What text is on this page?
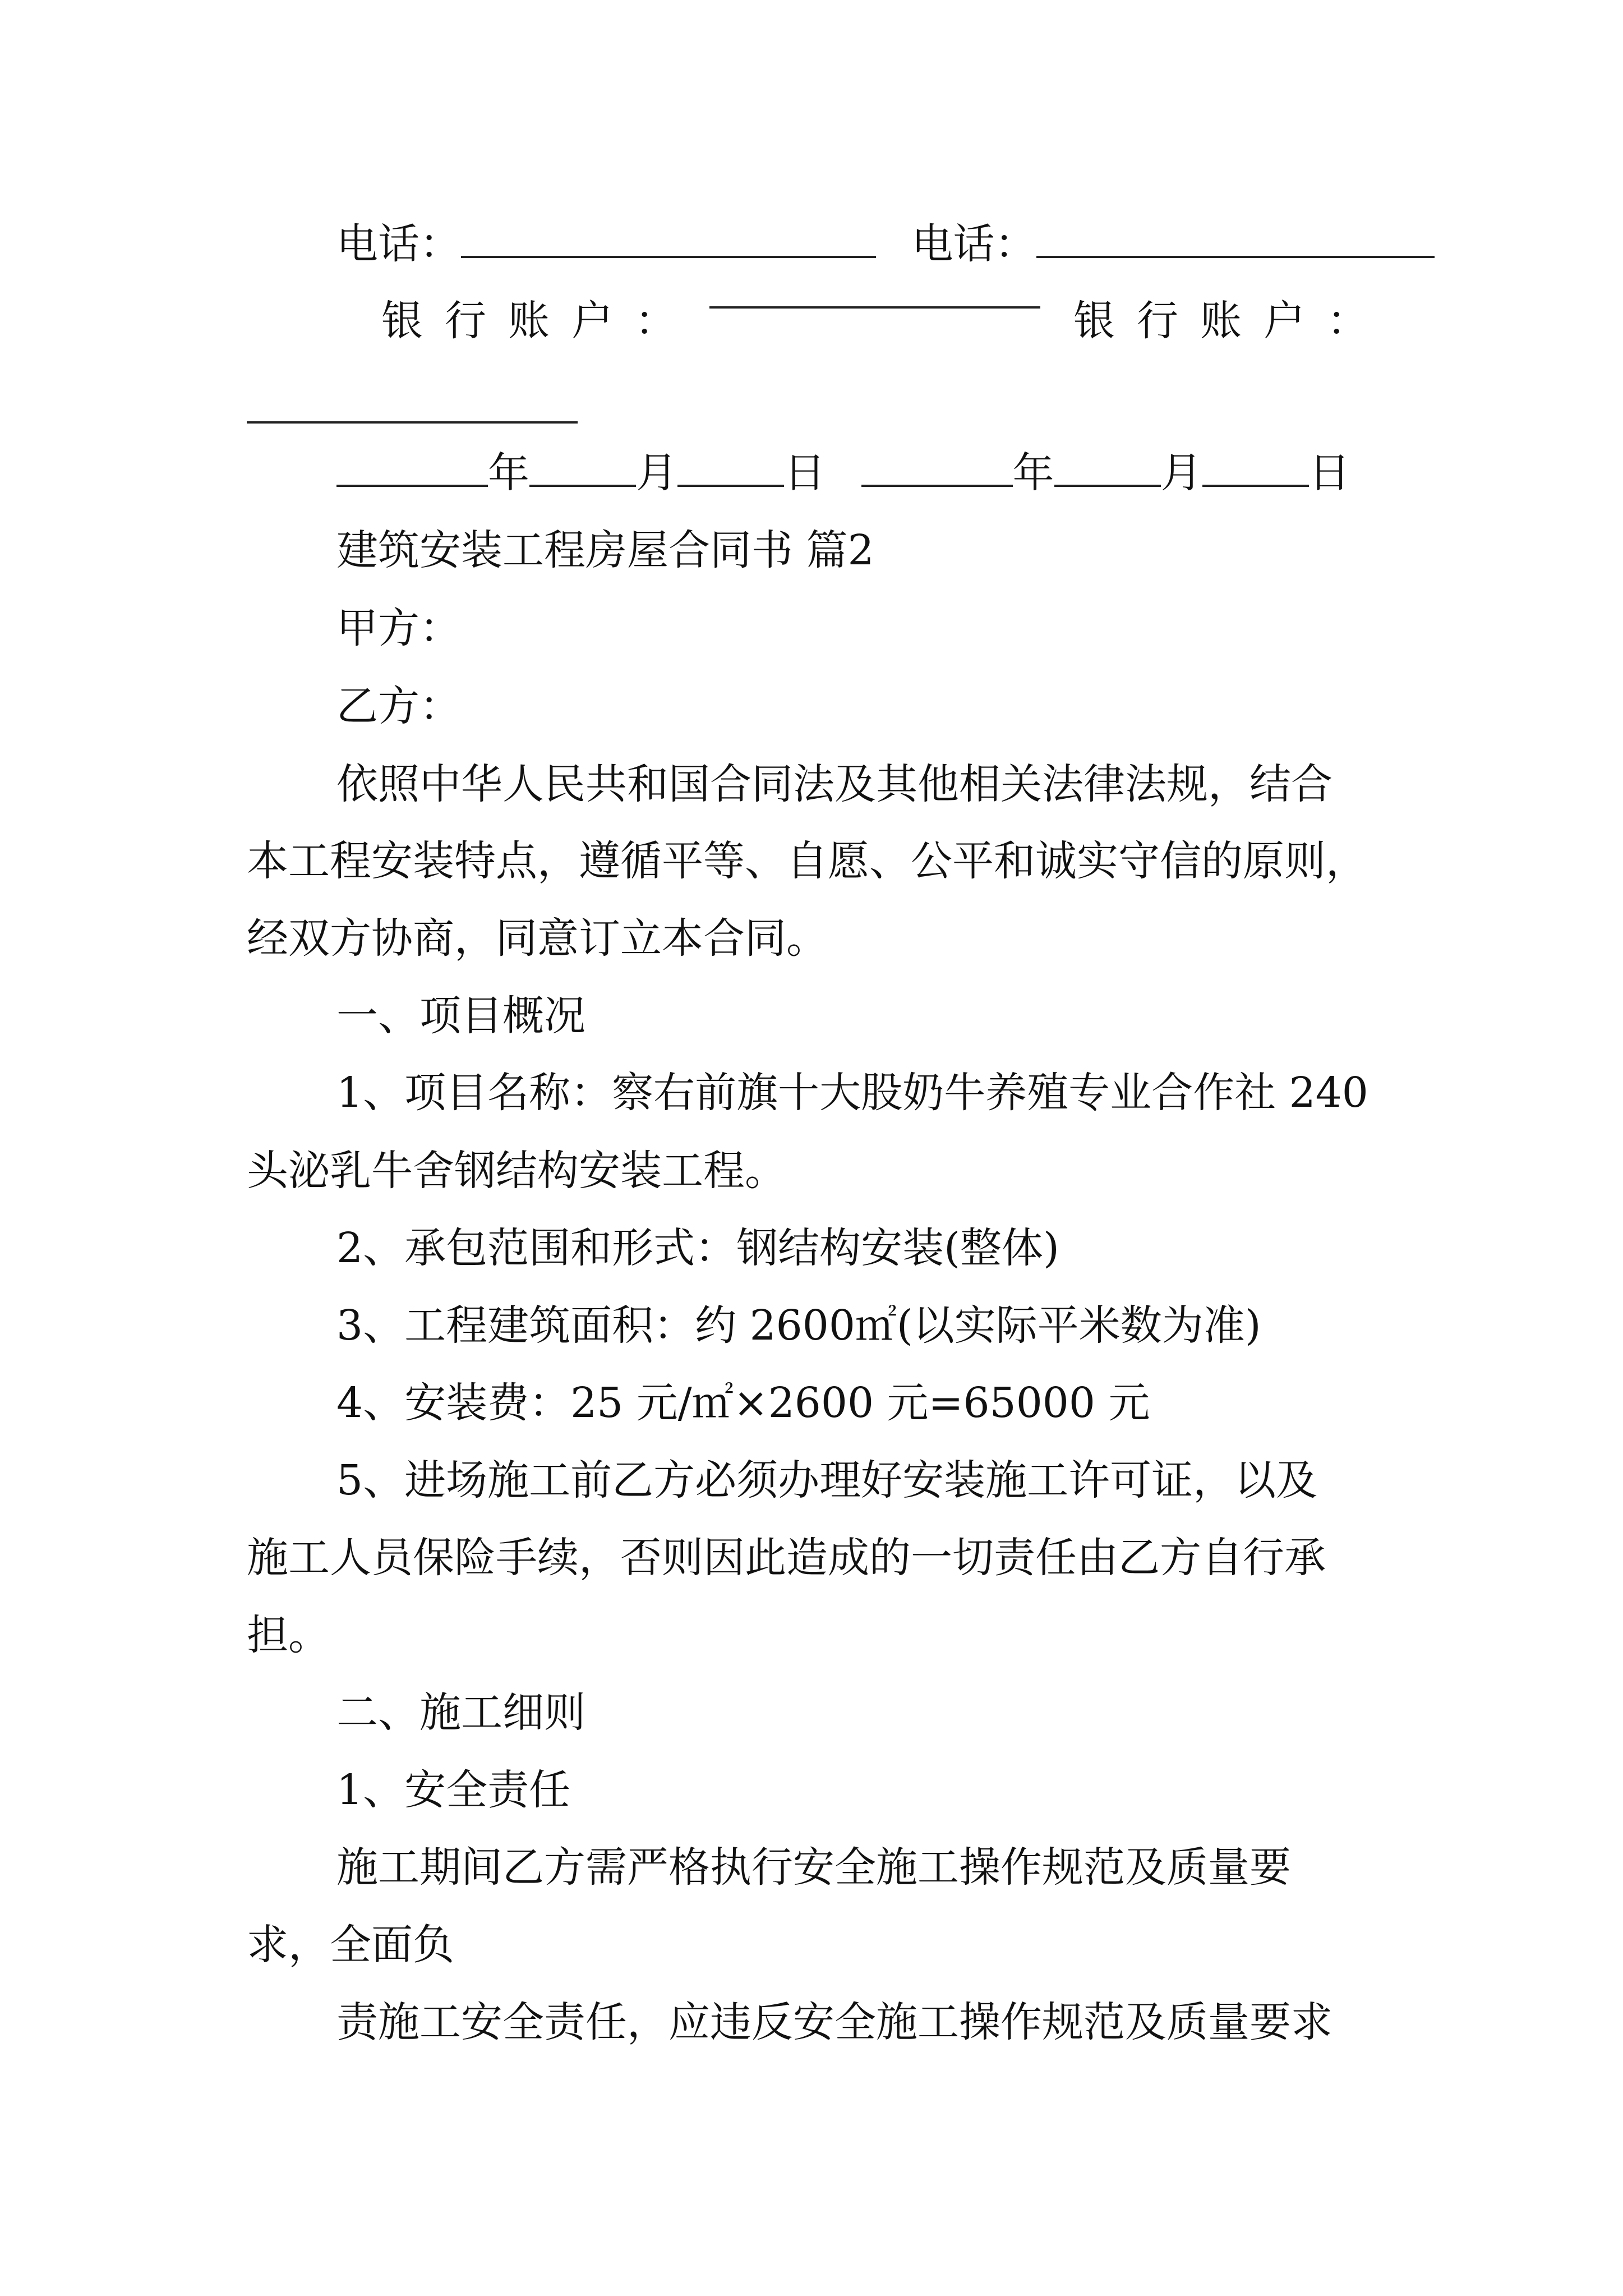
电话：	电话：
银 行 账 户 ：	银 行 账 户 ：
年	月	日	年	月	日
建筑安装工程房屋合同书 篇2
甲方：
乙方：
依照中华人民共和国合同法及其他相关法律法规，结合
本工程安装特点，遵循平等、自愿、公平和诚实守信的原则，
经双方协商，同意订立本合同。
一、项目概况
1、项目名称：察右前旗十大股奶牛养殖专业合作社 240
头泌乳牛舍钢结构安装工程。
2、承包范围和形式：钢结构安装(整体)
3、工程建筑面积：约 2600㎡(以实际平米数为准)
4、安装费：25 元/㎡×2600 元=65000 元
5、进场施工前乙方必须办理好安装施工许可证，以及
施工人员保险手续，否则因此造成的一切责任由乙方自行承
担。
二、施工细则
1、安全责任
施工期间乙方需严格执行安全施工操作规范及质量要
求，全面负
责施工安全责任，应违反安全施工操作规范及质量要求
